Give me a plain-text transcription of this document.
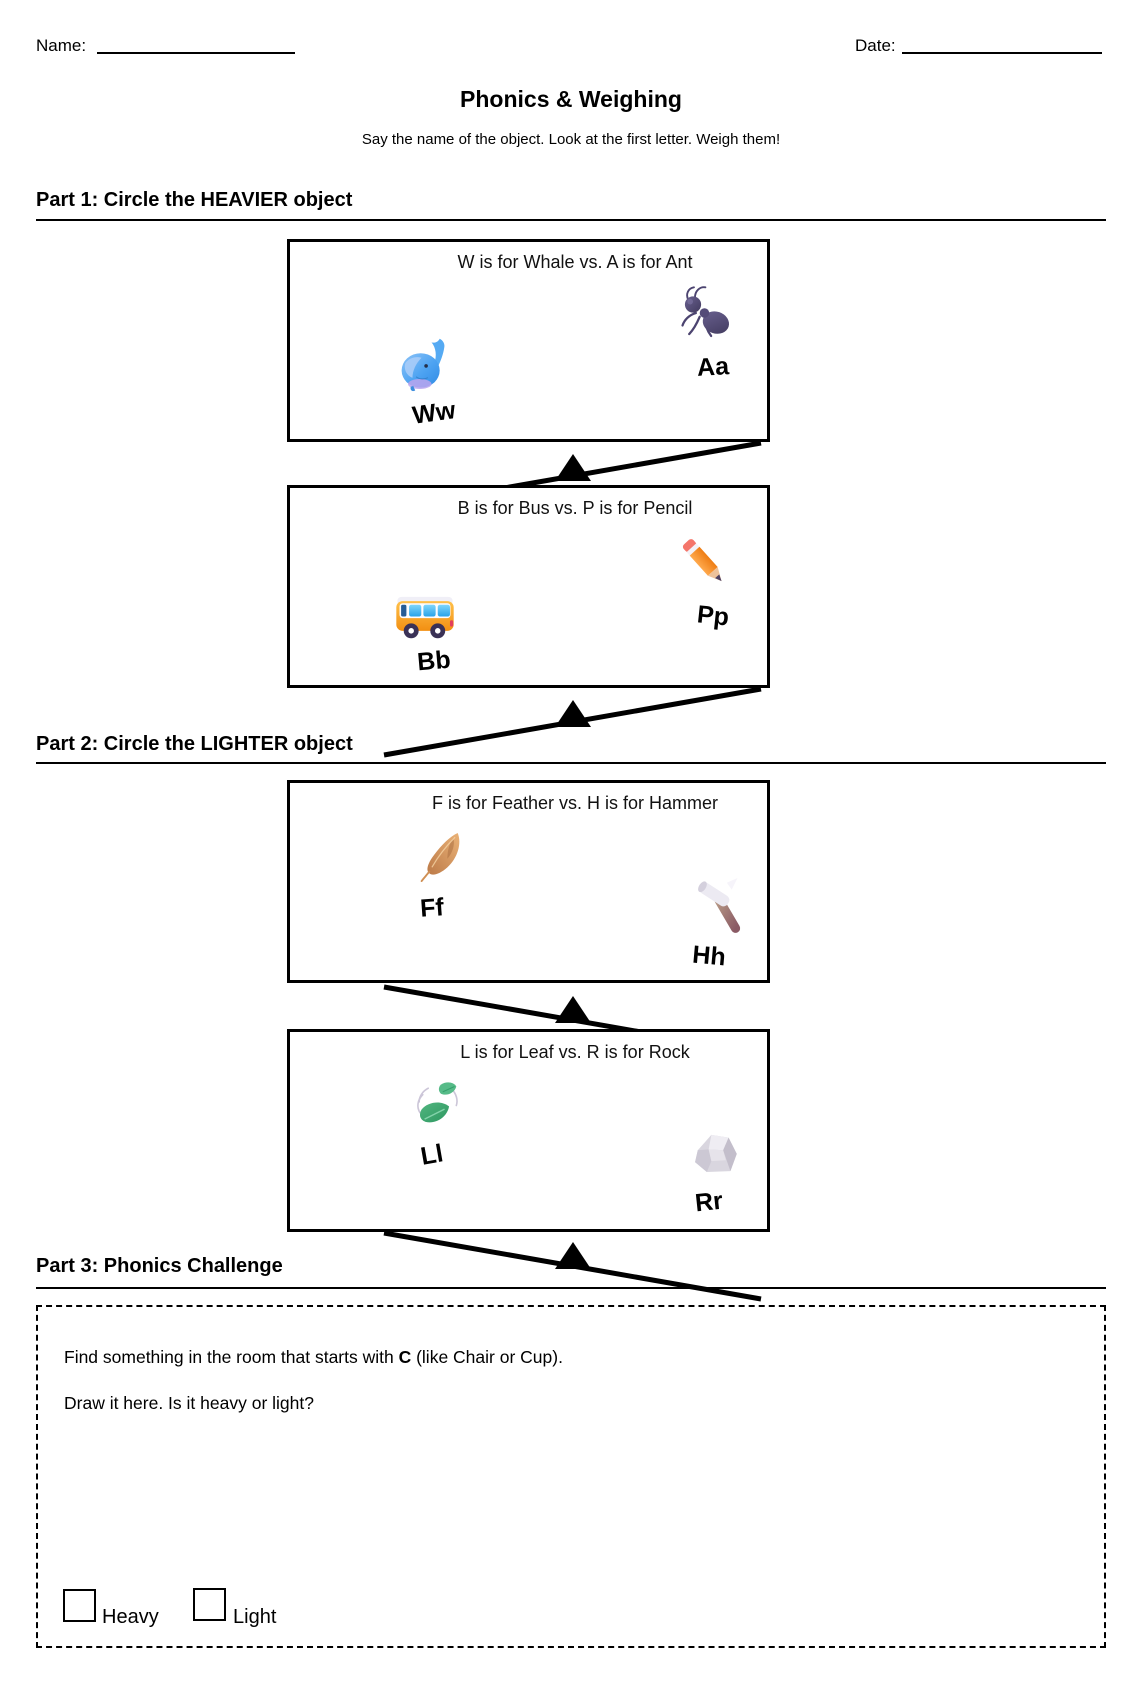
Name:	Date:
Phonics & Weighing
Say the name of the object. Look at the first letter. Weigh them!
Part 1: Circle the HEAVIER object
W is for Whale vs. A is for Ant
Ww
Aa
B is for Bus vs. P is for Pencil
Bb
Pp
Part 2: Circle the LIGHTER object
F is for Feather vs. H is for Hammer
Ff
Hh
L is for Leaf vs. R is for Rock
Ll
Rr
Part 3: Phonics Challenge
Find something in the room that starts with C (like Chair or Cup).
Draw it here. Is it heavy or light?
Heavy	Light
